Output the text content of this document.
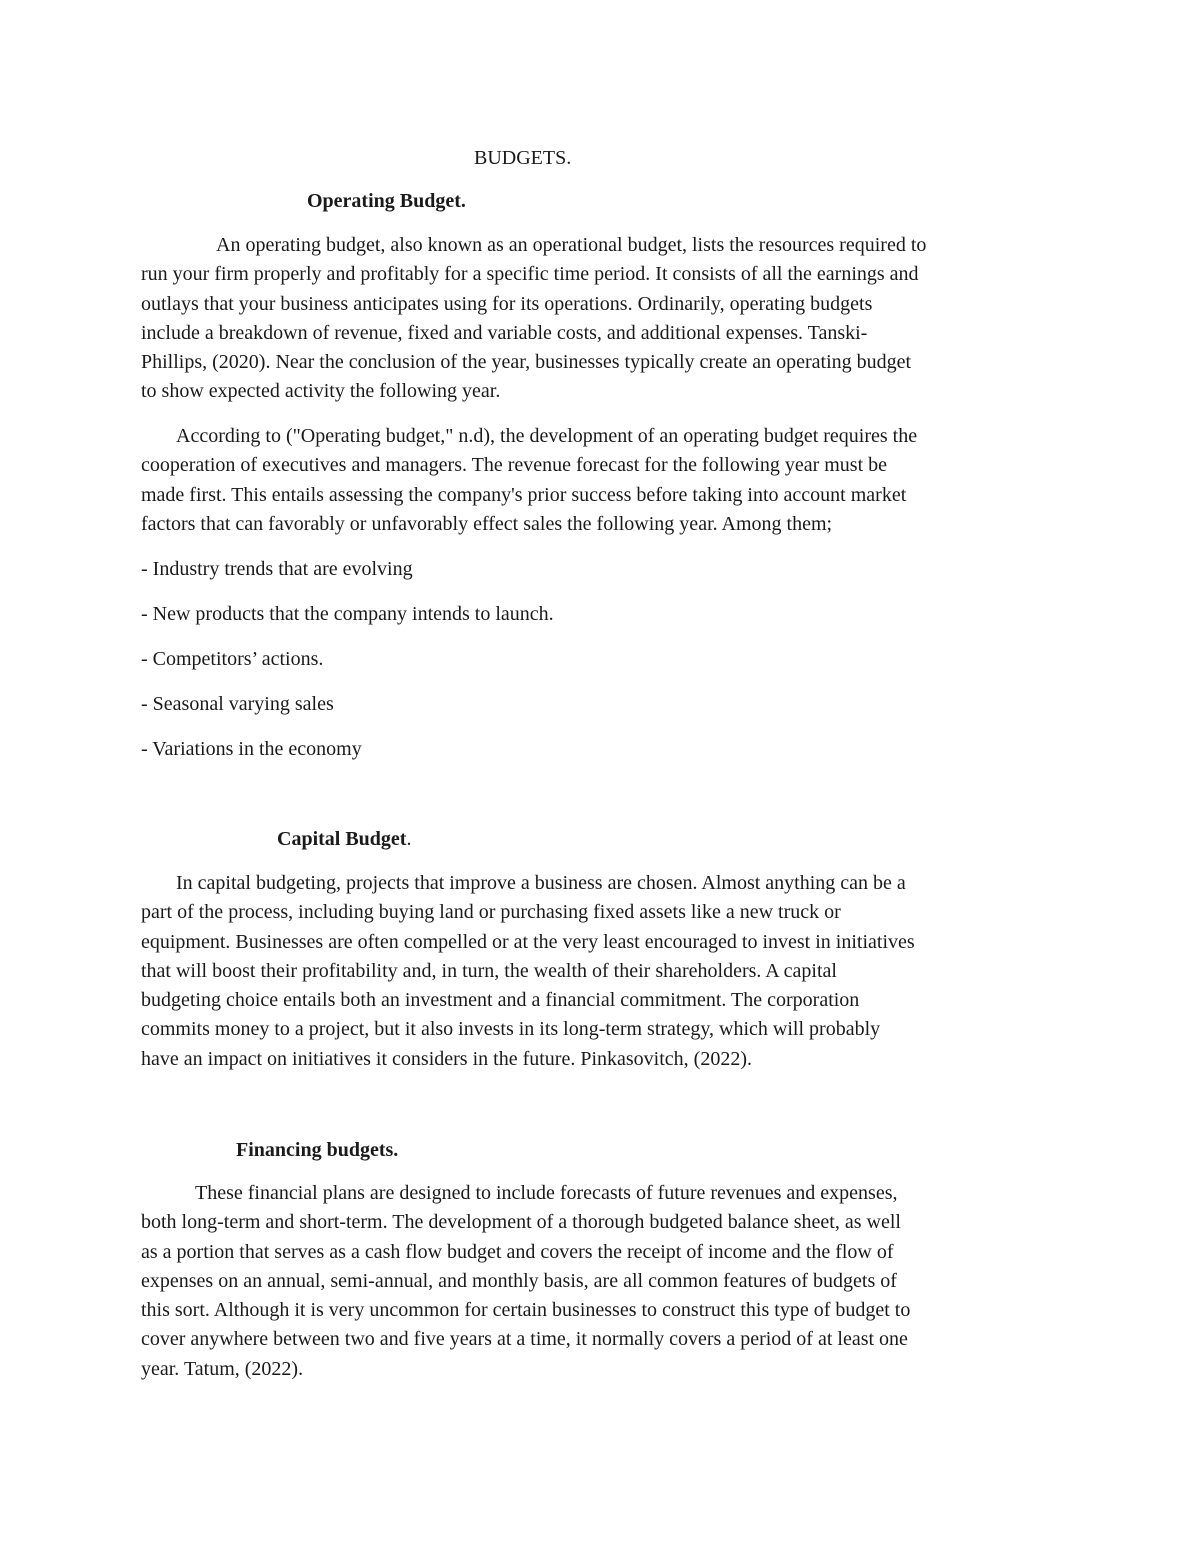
BUDGETS.
Operating Budget.
An operating budget, also known as an operational budget, lists the resources required to
run your firm properly and profitably for a specific time period. It consists of all the earnings and
outlays that your business anticipates using for its operations. Ordinarily, operating budgets
include a breakdown of revenue, fixed and variable costs, and additional expenses. Tanski-
Phillips, (2020). Near the conclusion of the year, businesses typically create an operating budget
to show expected activity the following year.
According to ("Operating budget," n.d), the development of an operating budget requires the
cooperation of executives and managers. The revenue forecast for the following year must be
made first. This entails assessing the company's prior success before taking into account market
factors that can favorably or unfavorably effect sales the following year. Among them;
- Industry trends that are evolving
- New products that the company intends to launch.
- Competitors’ actions.
- Seasonal varying sales
- Variations in the economy
Capital Budget.
In capital budgeting, projects that improve a business are chosen. Almost anything can be a
part of the process, including buying land or purchasing fixed assets like a new truck or
equipment. Businesses are often compelled or at the very least encouraged to invest in initiatives
that will boost their profitability and, in turn, the wealth of their shareholders. A capital
budgeting choice entails both an investment and a financial commitment. The corporation
commits money to a project, but it also invests in its long-term strategy, which will probably
have an impact on initiatives it considers in the future. Pinkasovitch, (2022).
Financing budgets.
These financial plans are designed to include forecasts of future revenues and expenses,
both long-term and short-term. The development of a thorough budgeted balance sheet, as well
as a portion that serves as a cash flow budget and covers the receipt of income and the flow of
expenses on an annual, semi-annual, and monthly basis, are all common features of budgets of
this sort. Although it is very uncommon for certain businesses to construct this type of budget to
cover anywhere between two and five years at a time, it normally covers a period of at least one
year. Tatum, (2022).
